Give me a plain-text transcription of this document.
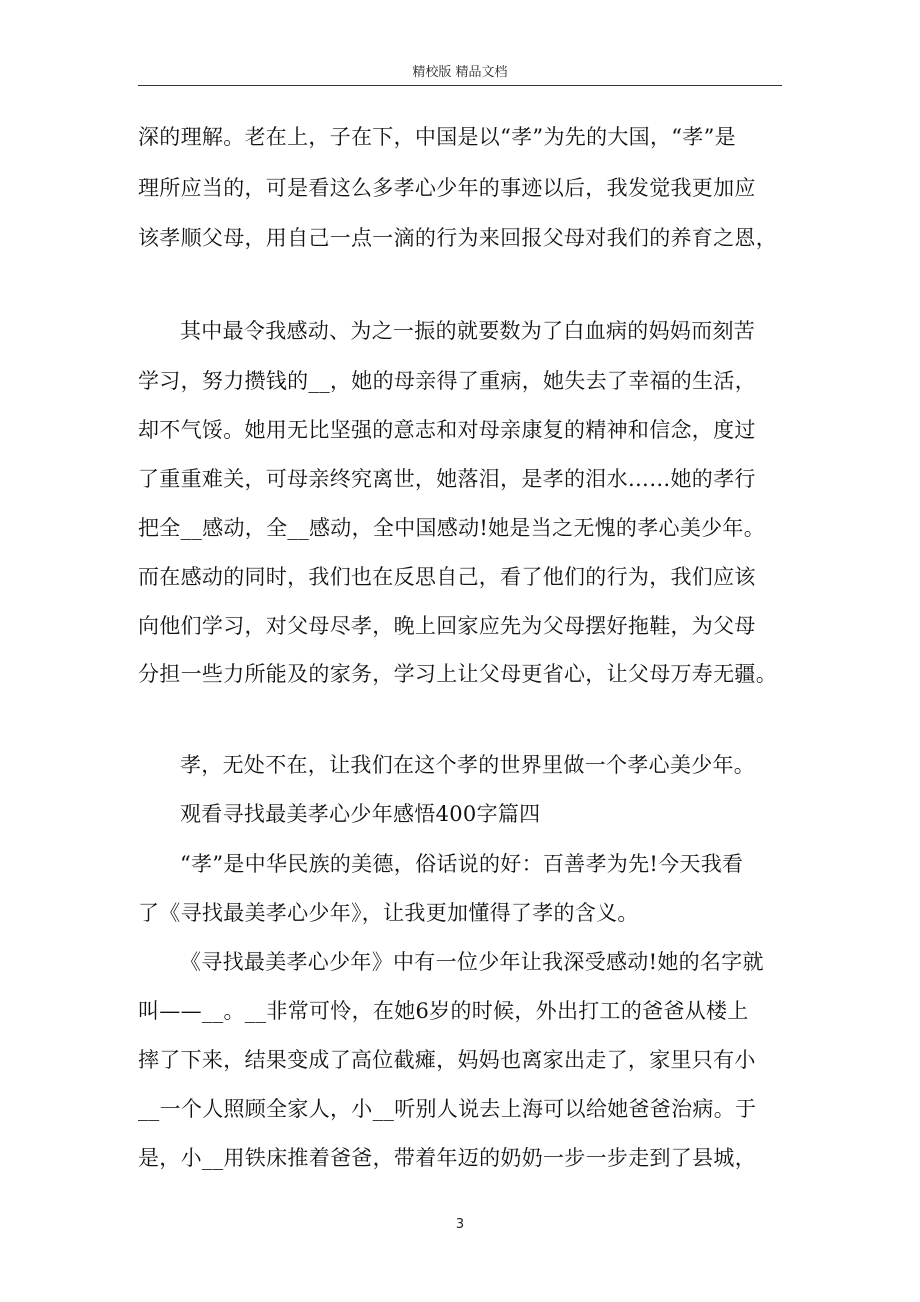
精校版 精品文档
深的理解。老在上，子在下，中国是以“孝”为先的大国，“孝”是
理所应当的，可是看这么多孝心少年的事迹以后，我发觉我更加应
该孝顺父母，用自己一点一滴的行为来回报父母对我们的养育之恩，
其中最令我感动、为之一振的就要数为了白血病的妈妈而刻苦
学习，努力攒钱的__，她的母亲得了重病，她失去了幸福的生活，
却不气馁。她用无比坚强的意志和对母亲康复的精神和信念，度过
了重重难关，可母亲终究离世，她落泪，是孝的泪水……她的孝行
把全__感动，全__感动，全中国感动!她是当之无愧的孝心美少年。
而在感动的同时，我们也在反思自己，看了他们的行为，我们应该
向他们学习，对父母尽孝，晚上回家应先为父母摆好拖鞋，为父母
分担一些力所能及的家务，学习上让父母更省心，让父母万寿无疆。
孝，无处不在，让我们在这个孝的世界里做一个孝心美少年。
观看寻找最美孝心少年感悟400字篇四
“孝”是中华民族的美德，俗话说的好：百善孝为先!今天我看
了《寻找最美孝心少年》，让我更加懂得了孝的含义。
《寻找最美孝心少年》中有一位少年让我深受感动!她的名字就
叫——__。__非常可怜，在她6岁的时候，外出打工的爸爸从楼上
摔了下来，结果变成了高位截瘫，妈妈也离家出走了，家里只有小
__一个人照顾全家人，小__听别人说去上海可以给她爸爸治病。于
是，小__用铁床推着爸爸，带着年迈的奶奶一步一步走到了县城，
3
